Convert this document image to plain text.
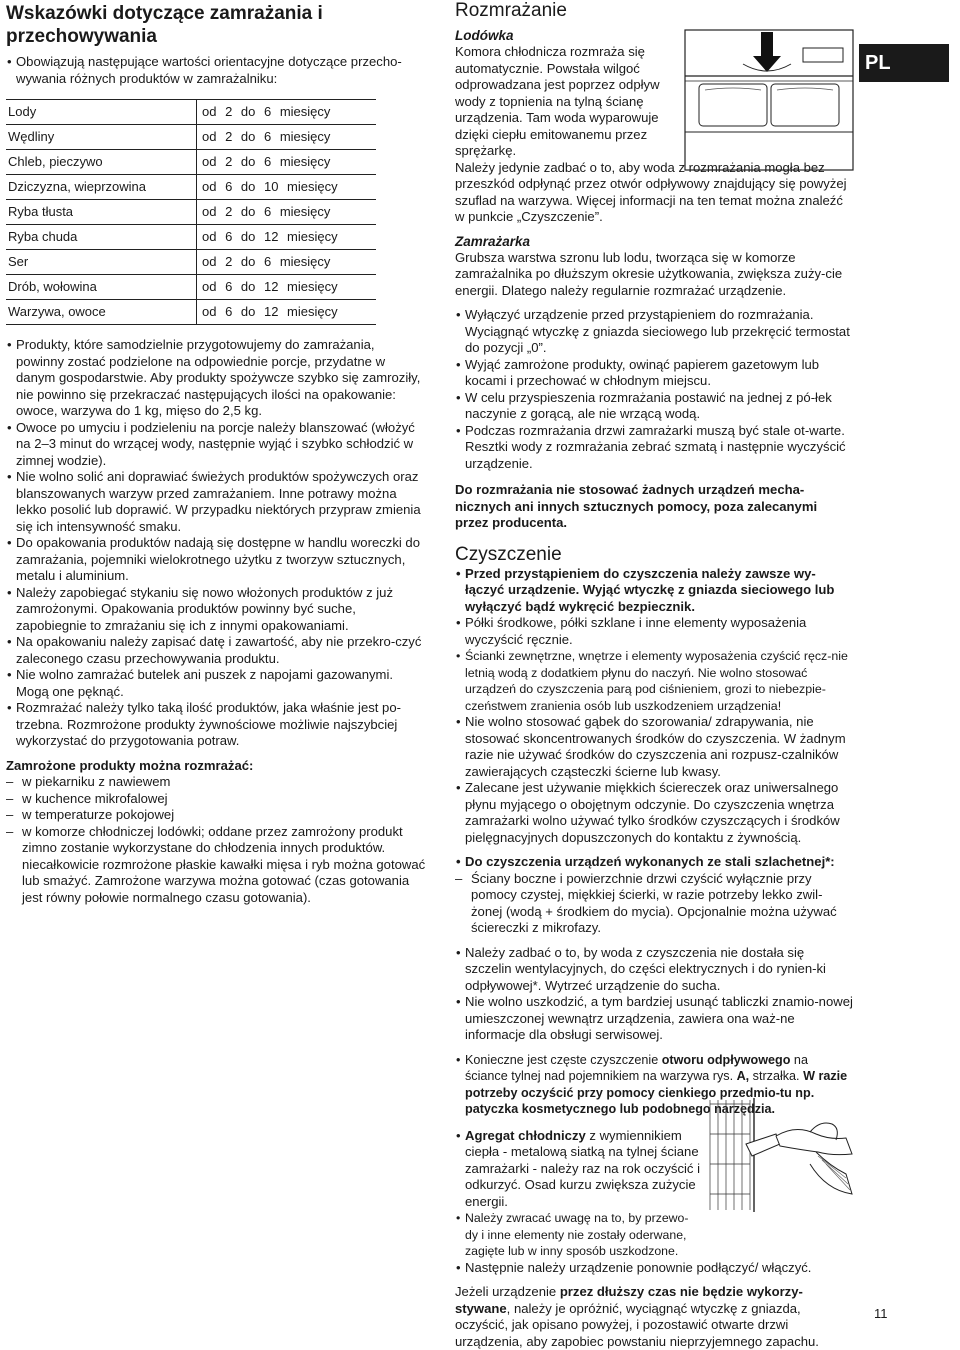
Wskazówki dotyczące zamrażania i przechowywania

• Obowiązują następujące wartości orientacyjne dotyczące przecho-wywania różnych produktów w zamrażalniku:

Lody	od 2 do 6 miesięcy
Wędliny	od 2 do 6 miesięcy
Chleb, pieczywo	od 2 do 6 miesięcy
Dziczyzna, wieprzowina	od 6 do 10 miesięcy
Ryba tłusta	od 2 do 6 miesięcy
Ryba chuda	od 6 do 12 miesięcy
Ser	od 2 do 6 miesięcy
Drób, wołowina	od 6 do 12 miesięcy
Warzywa, owoce	od 6 do 12 miesięcy

• Produkty, które samodzielnie przygotowujemy do zamrażania, powinny zostać podzielone na odpowiednie porcje, przydatne w danym gospodarstwie. Aby produkty spożywcze szybko się zamroziły, nie powinno się przekraczać następujących ilości na opakowanie: owoce, warzywa do 1 kg, mięso do 2,5 kg.

• Owoce po umyciu i podzieleniu na porcje należy blanszować (włożyć na 2–3 minut do wrzącej wody, następnie wyjąć i szybko schłodzić w zimnej wodzie).

• Nie wolno solić ani doprawiać świeżych produktów spożywczych oraz blanszowanych warzyw przed zamrażaniem. Inne potrawy można lekko posolić lub doprawić. W przypadku niektórych przypraw zmienia się ich intensywność smaku.

• Do opakowania produktów nadają się dostępne w handlu woreczki do zamrażania, pojemniki wielokrotnego użytku z tworzyw sztucznych, metalu i aluminium.

• Należy zapobiegać stykaniu się nowo włożonych produktów z już zamrożonymi. Opakowania produktów powinny być suche, zapobiegnie to zmrażaniu się ich z innymi opakowaniami.

• Na opakowaniu należy zapisać datę i zawartość, aby nie przekro-czyć zaleconego czasu przechowywania produktu.

• Nie wolno zamrażać butelek ani puszek z napojami gazowanymi. Mogą one pęknąć.

• Rozmrażać należy tylko taką ilość produktów, jaka właśnie jest po-trzebna. Rozmrożone produkty żywnościowe możliwie najszybciej wykorzystać do przygotowania potraw.

Zamrożone produkty można rozmrażać:

– w piekarniku z nawiewem

– w kuchence mikrofalowej

– w temperaturze pokojowej

– w komorze chłodniczej lodówki; oddane przez zamrożony produkt zimno zostanie wykorzystane do chłodzenia innych produktów. niecałkowicie rozmrożone płaskie kawałki mięsa i ryb można gotować lub smażyć. Zamrożone warzywa można gotować (czas gotowania jest równy połowie normalnego czasu gotowania).

Rozmrażanie
Lodówka

Komora chłodnicza rozmraża się automatycznie. Powstała wilgoć odprowadzana jest poprzez odpływ wody z topnienia na tylną ścianę urządzenia. Tam woda wyparowuje dzięki ciepłu emitowanemu przez sprężarkę.

Należy jedynie zadbać o to, aby woda z rozmrażania mogła bez przeszkód odpłynąć przez otwór odpływowy znajdujący się powyżej szuflad na warzywa. Więcej informacji na ten temat można znaleźć w punkcie „Czyszczenie”.

Zamrażarka

Grubsza warstwa szronu lub lodu, tworząca się w komorze zamrażalnika po dłuższym okresie użytkowania, zwiększa zuży-cie energii. Dlatego należy regularnie rozmrażać urządzenie.

• Wyłączyć urządzenie przed przystąpieniem do rozmrażania. Wyciągnąć wtyczkę z gniazda sieciowego lub przekręcić termostat do pozycji „0”.

• Wyjąć zamrożone produkty, owinąć papierem gazetowym lub kocami i przechować w chłodnym miejscu.

• W celu przyspieszenia rozmrażania postawić na jednej z pó-łek naczynie z gorącą, ale nie wrzącą wodą.

• Podczas rozmrażania drzwi zamrażarki muszą być stale ot-warte. Resztki wody z rozmrażania zebrać szmatą i następnie wyczyścić urządzenie.

Do rozmrażania nie stosować żadnych urządzeń mecha-nicznych ani innych sztucznych pomocy, poza zalecanymi przez producenta.

Czyszczenie

• Przed przystąpieniem do czyszczenia należy zawsze wy-łączyć urządzenie. Wyjąć wtyczkę z gniazda sieciowego lub wyłączyć bądź wykręcić bezpiecznik.

• Półki środkowe, półki szklane i inne elementy wyposażenia wyczyścić ręcznie.

• Ścianki zewnętrzne, wnętrze i elementy wyposażenia czyścić ręcz-nie letnią wodą z dodatkiem płynu do naczyń. Nie wolno stosować urządzeń do czyszczenia parą pod ciśnieniem, grozi to niebezpie-czeństwem zranienia osób lub uszkodzeniem urządzenia!

• Nie wolno stosować gąbek do szorowania/ zdrapywania, nie stosować skoncentrowanych środków do czyszczenia. W żadnym razie nie używać środków do czyszczenia ani rozpusz-czalników zawierających cząsteczki ścierne lub kwasy.

• Zalecane jest używanie miękkich ściereczek oraz uniwersalnego płynu myjącego o obojętnym odczynie. Do czyszczenia wnętrza zamrażarki wolno używać tylko środków czyszczących i środków pielęgnacyjnych dopuszczonych do kontaktu z żywnością.

• Do czyszczenia urządzeń wykonanych ze stali szlachetnej*:

– Ściany boczne i powierzchnie drzwi czyścić wyłącznie przy pomocy czystej, miękkiej ścierki, w razie potrzeby lekko zwil-żonej (wodą + środkiem do mycia). Opcjonalnie można używać ściereczki z mikrofazy.

• Należy zadbać o to, by woda z czyszczenia nie dostała się szczelin wentylacyjnych, do części elektrycznych i do rynien-ki odpływowej*. Wytrzeć urządzenie do sucha.

• Nie wolno uszkodzić, a tym bardziej usunąć tabliczki znamio-nowej umieszczonej wewnątrz urządzenia, zawiera ona waż-ne informacje dla obsługi serwisowej.

• Konieczne jest częste czyszczenie otworu odpływowego na ściance tylnej nad pojemnikiem na warzywa rys. A, strzałka. W razie potrzeby oczyścić przy pomocy cienkiego przedmio-tu np. patyczka kosmetycznego lub podobnego narzędzia.

• Agregat chłodniczy z wymiennikiem ciepła - metalową siatką na tylnej ściane zamrażarki - należy raz na rok oczyścić i odkurzyć. Osad kurzu zwiększa zużycie energii.

• Należy zwracać uwagę na to, by przewo-dy i inne elementy nie zostały oderwane, zagięte lub w inny sposób uszkodzone.

• Następnie należy urządzenie ponownie podłączyć/ włączyć.

Jeżeli urządzenie przez dłuższy czas nie będzie wykorzy-stywane, należy je opróżnić, wyciągnąć wtyczkę z gniazda, oczyścić, jak opisano powyżej, i pozostawić otwarte drzwi urządzenia, aby zapobiec powstaniu nieprzyjemnego zapachu.

PL
11
